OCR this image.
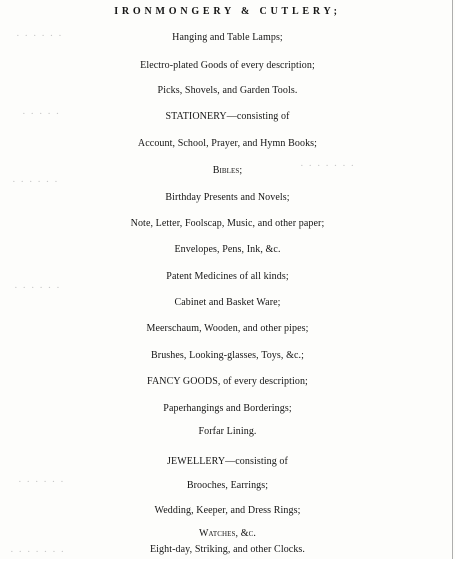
· · · · · ·
· · · · ·
· · · · · ·
· · · · · · ·
· · · · · ·
· · · · · ·
· · · · · · ·
IRONMONGERY & CUTLERY;
Hanging and Table Lamps;
Electro-plated Goods of every description;
Picks, Shovels, and Garden Tools.
STATIONERY—consisting of
Account, School, Prayer, and Hymn Books;
Bibles;
Birthday Presents and Novels;
Note, Letter, Foolscap, Music, and other paper;
Envelopes, Pens, Ink, &c.
Patent Medicines of all kinds;
Cabinet and Basket Ware;
Meerschaum, Wooden, and other pipes;
Brushes, Looking-glasses, Toys, &c.;
FANCY GOODS, of every description;
Paperhangings and Borderings;
Forfar Lining.
JEWELLERY—consisting of
Brooches, Earrings;
Wedding, Keeper, and Dress Rings;
Watches, &c.
Eight-day, Striking, and other Clocks.
